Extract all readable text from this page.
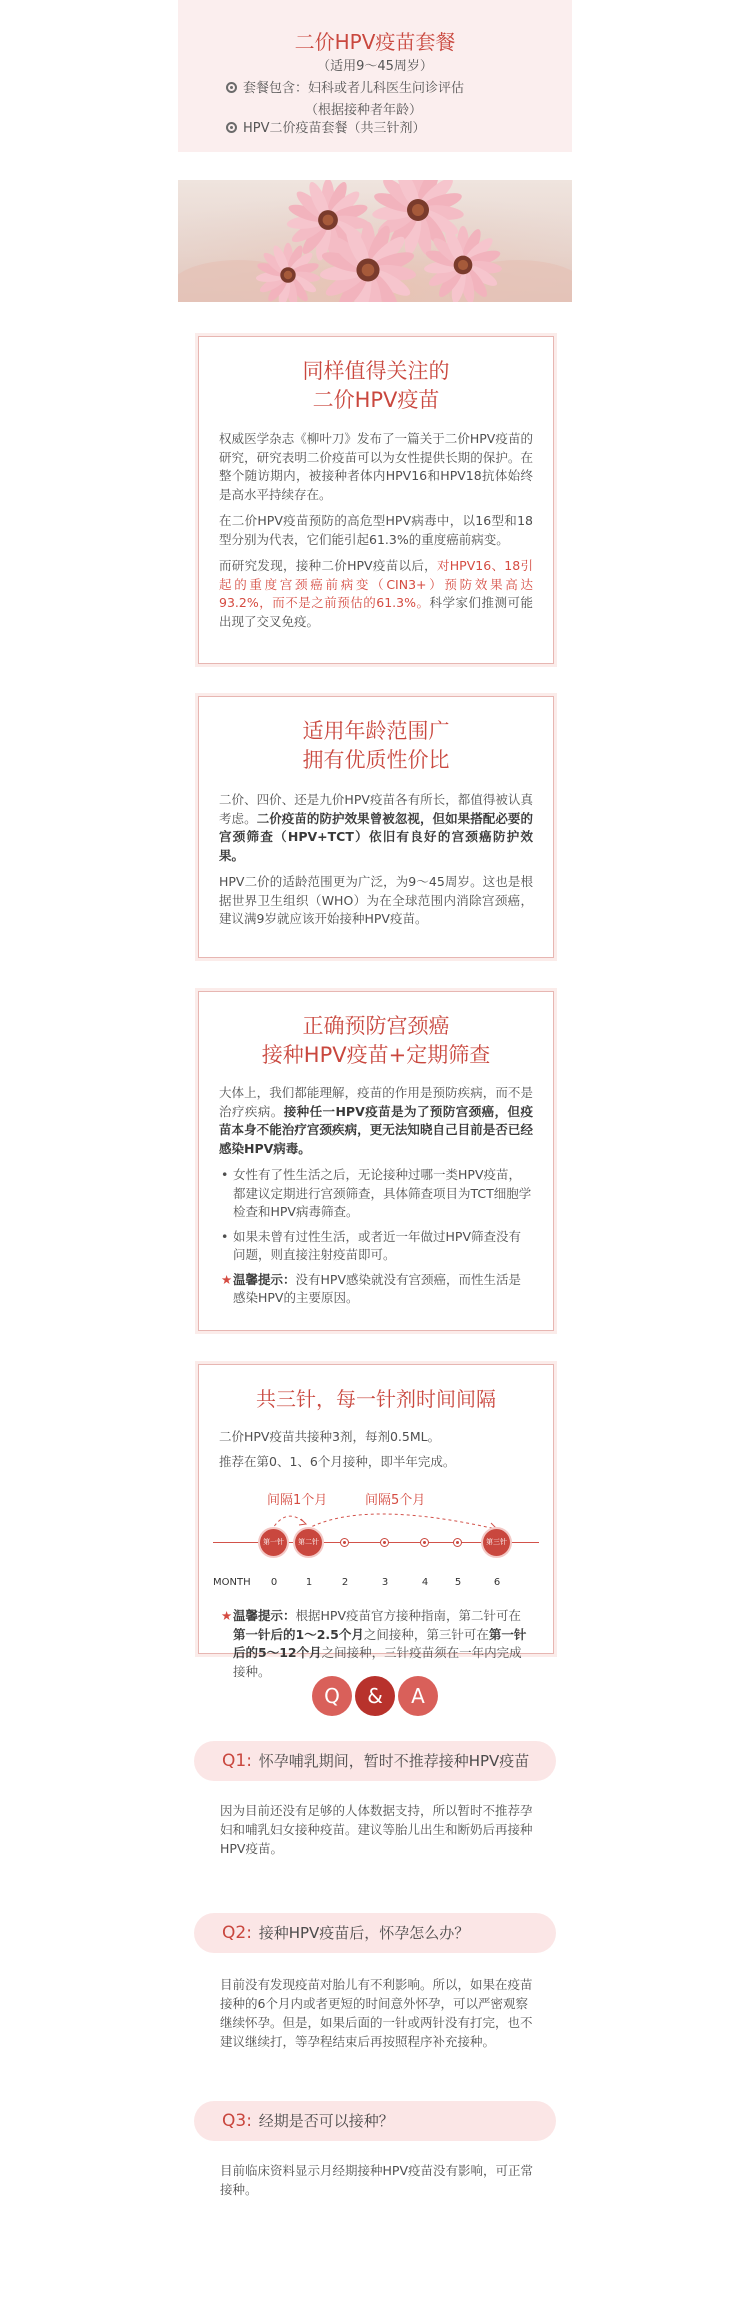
二价HPV疫苗套餐
（适用9～45周岁）
套餐包含：妇科或者儿科医生问诊评估
（根据接种者年龄）
HPV二价疫苗套餐（共三针剂）
同样值得关注的
二价HPV疫苗

权威医学杂志《柳叶刀》发布了一篇关于二价HPV疫苗的研究，研究表明二价疫苗可以为女性提供长期的保护。在整个随访期内，被接种者体内HPV16和HPV18抗体始终是高水平持续存在。

在二价HPV疫苗预防的高危型HPV病毒中，以16型和18型分别为代表，它们能引起61.3%的重度癌前病变。

而研究发现，接种二价HPV疫苗以后，对HPV16、18引起的重度宫颈癌前病变（CIN3+）预防效果高达93.2%，而不是之前预估的61.3%。科学家们推测可能出现了交叉免疫。

适用年龄范围广
拥有优质性价比

二价、四价、还是九价HPV疫苗各有所长，都值得被认真考虑。二价疫苗的防护效果曾被忽视，但如果搭配必要的宫颈筛查（HPV+TCT）依旧有良好的宫颈癌防护效果。

HPV二价的适龄范围更为广泛，为9～45周岁。这也是根据世界卫生组织（WHO）为在全球范围内消除宫颈癌，建议满9岁就应该开始接种HPV疫苗。

正确预防宫颈癌
接种HPV疫苗+定期筛查

大体上，我们都能理解，疫苗的作用是预防疾病，而不是治疗疾病。接种任一HPV疫苗是为了预防宫颈癌，但疫苗本身不能治疗宫颈疾病，更无法知晓自己目前是否已经感染HPV病毒。

• 女性有了性生活之后，无论接种过哪一类HPV疫苗，都建议定期进行宫颈筛查，具体筛查项目为TCT细胞学检查和HPV病毒筛查。
• 如果未曾有过性生活，或者近一年做过HPV筛查没有问题，则直接注射疫苗即可。
★ 温馨提示：没有HPV感染就没有宫颈癌，而性生活是感染HPV的主要原因。
共三针，每一针剂时间间隔

二价HPV疫苗共接种3剂，每剂0.5ML。

推荐在第0、1、6个月接种，即半年完成。

间隔1个月	间隔5个月
第一针	第二针	第三针
MONTH	0	1	2	3	4	5	6
★ 温馨提示：根据HPV疫苗官方接种指南，第二针可在第一针后的1～2.5个月之间接种，第三针可在第一针后的5～12个月之间接种，三针疫苗须在一年内完成接种。
Q	&	A
Q1: 怀孕哺乳期间，暂时不推荐接种HPV疫苗
因为目前还没有足够的人体数据支持，所以暂时不推荐孕妇和哺乳妇女接种疫苗。建议等胎儿出生和断奶后再接种HPV疫苗。
Q2: 接种HPV疫苗后，怀孕怎么办？
目前没有发现疫苗对胎儿有不利影响。所以，如果在疫苗接种的6个月内或者更短的时间意外怀孕，可以严密观察继续怀孕。但是，如果后面的一针或两针没有打完，也不建议继续打，等孕程结束后再按照程序补充接种。
Q3: 经期是否可以接种？
目前临床资料显示月经期接种HPV疫苗没有影响，可正常接种。
